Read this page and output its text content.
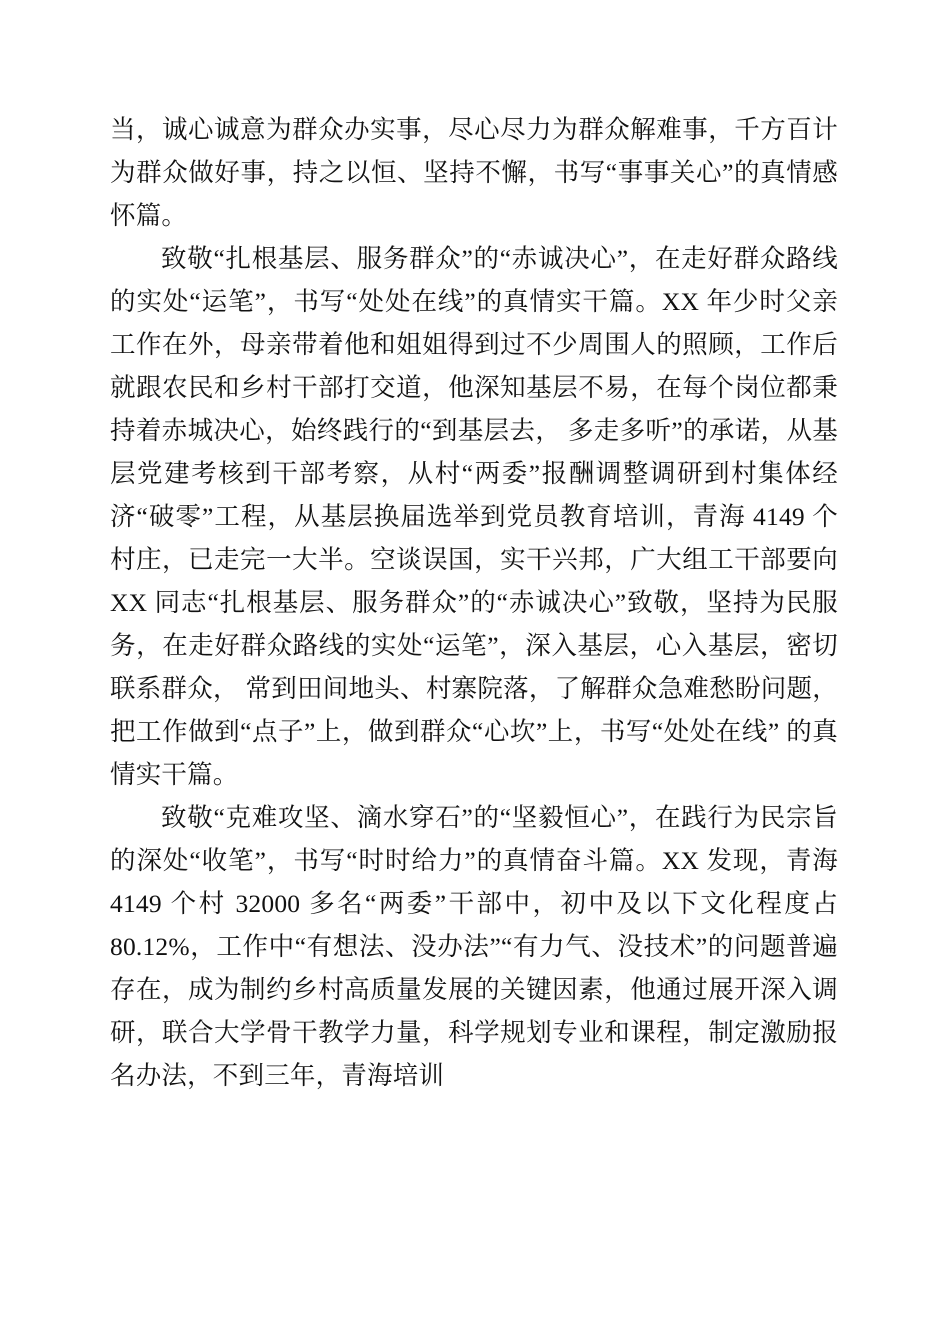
当，诚心诚意为群众办实事，尽心尽力为群众解难事，千方百计为群众做好事，持之以恒、坚持不懈，书写“事事关心”的真情感怀篇。

致敬“扎根基层、服务群众”的“赤诚决心”，在走好群众路线的实处“运笔”，书写“处处在线”的真情实干篇。XX 年少时父亲工作在外，母亲带着他和姐姐得到过不少周围人的照顾，工作后就跟农民和乡村干部打交道，他深知基层不易，在每个岗位都秉持着赤城决心，始终践行的“到基层去， 多走多听”的承诺，从基层党建考核到干部考察，从村“两委”报酬调整调研到村集体经济“破零”工程，从基层换届选举到党员教育培训，青海 4149 个村庄，已走完一大半。空谈误国，实干兴邦，广大组工干部要向 XX 同志“扎根基层、服务群众”的“赤诚决心”致敬，坚持为民服务，在走好群众路线的实处“运笔”，深入基层，心入基层，密切联系群众， 常到田间地头、村寨院落，了解群众急难愁盼问题，把工作做到“点子”上，做到群众“心坎”上，书写“处处在线” 的真情实干篇。

致敬“克难攻坚、滴水穿石”的“坚毅恒心”，在践行为民宗旨的深处“收笔”，书写“时时给力”的真情奋斗篇。XX 发现，青海 4149 个村 32000 多名“两委”干部中，初中及以下文化程度占 80.12%，工作中“有想法、没办法”“有力气、没技术”的问题普遍存在，成为制约乡村高质量发展的关键因素，他通过展开深入调研，联合大学骨干教学力量，科学规划专业和课程，制定激励报名办法，不到三年，青海培训
